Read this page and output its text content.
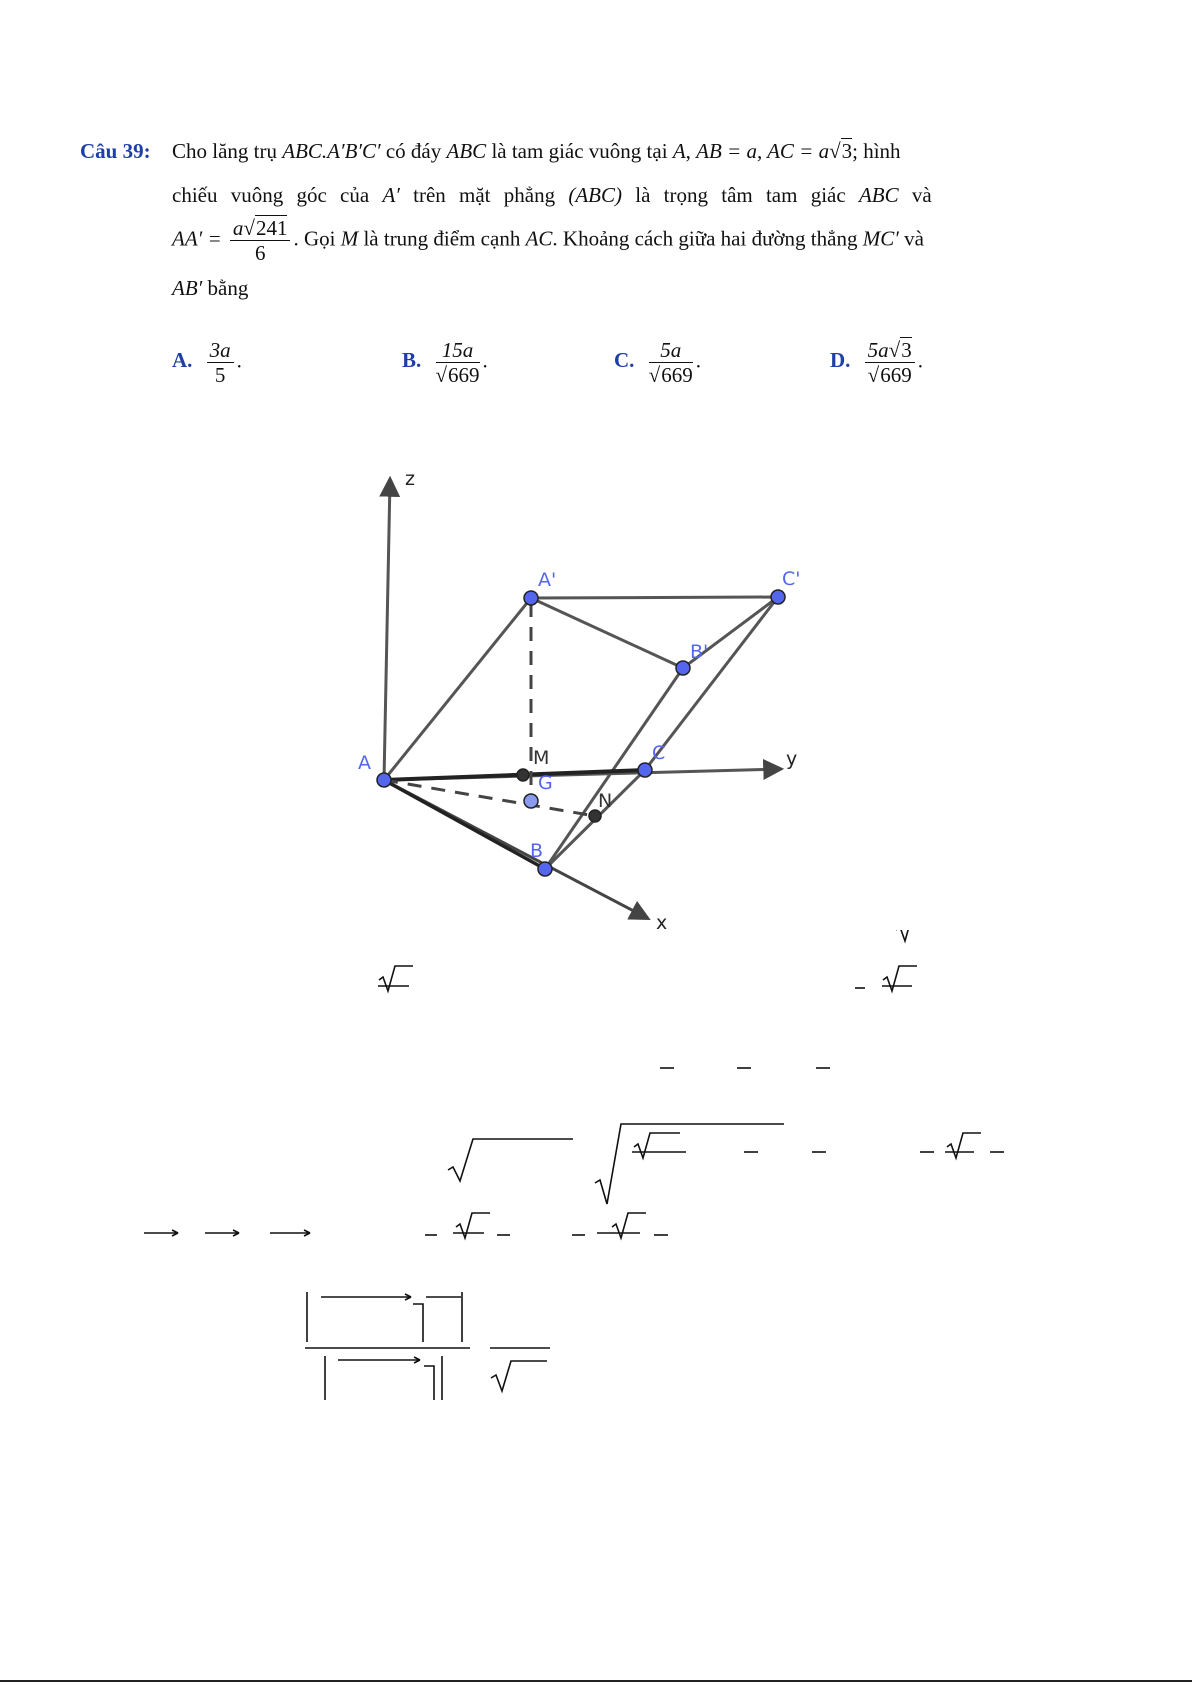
Câu 39: Cho lăng trụ ABC.A′B′C′ có đáy ABC là tam giác vuông tại A, AB = a, AC = a√3; hình
chiếu vuông góc của A′ trên mặt phẳng (ABC) là trọng tâm tam giác ABC và
$AA' = \frac{a√241}{6}$ . Gọi M là trung điểm cạnh AC. Khoảng cách giữa hai đường thẳng MC′ và
AB′ bằng
A. $\frac{3a}{5}$ .	B. $\frac{15a}{√669}$ .	C. $\frac{5a}{√669}$ .	D. $\frac{5a√3}{√669}$ .
z
y
x
A
B
C
A'
B'
C'
G
M
N
